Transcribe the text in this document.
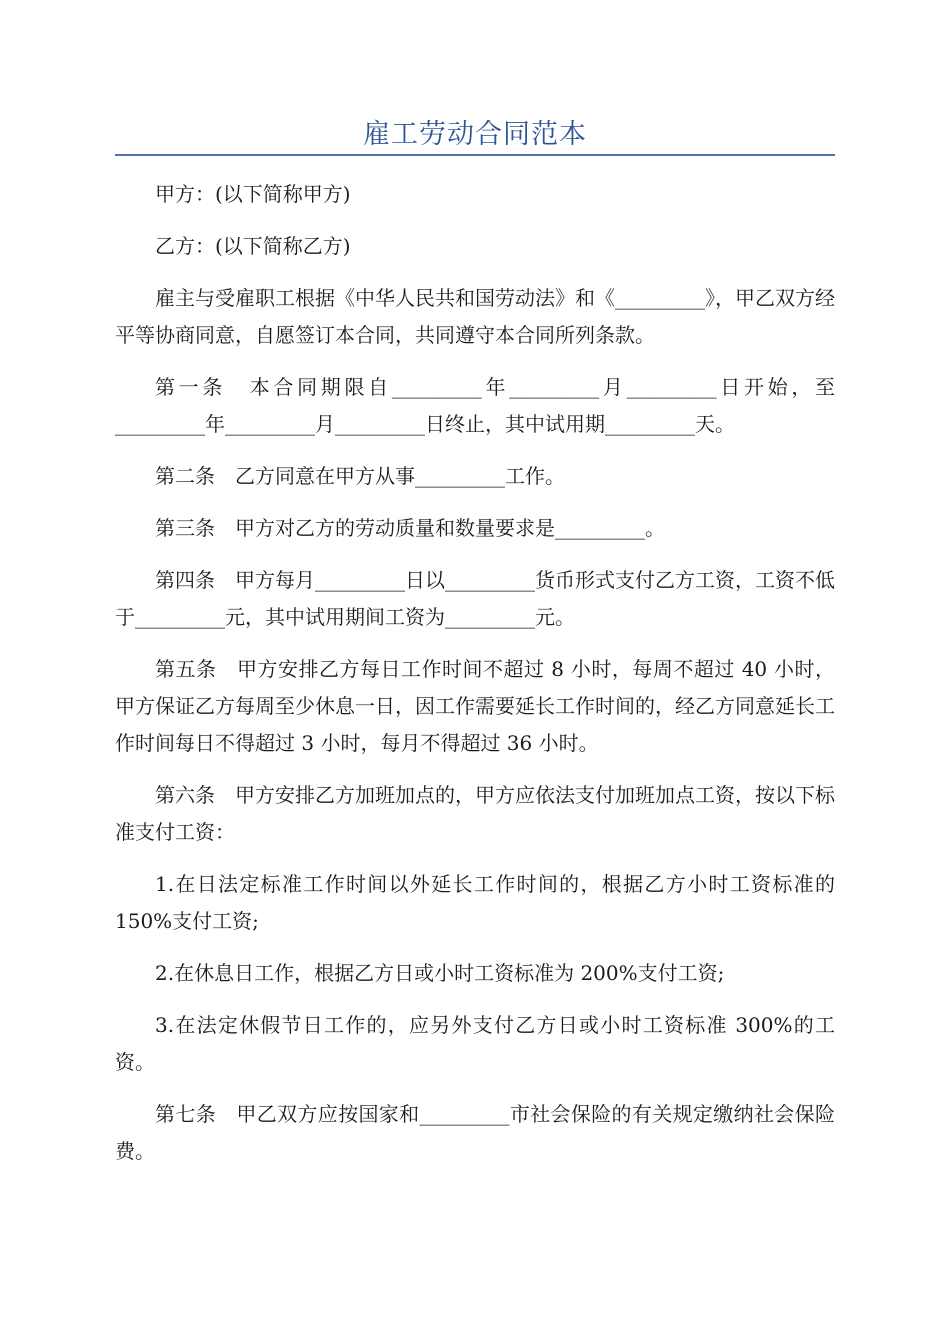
雇工劳动合同范本

甲方：(以下简称甲方)

乙方：(以下简称乙方)

雇主与受雇职工根据《中华人民共和国劳动法》和《_________》，甲乙双方经平等协商同意，自愿签订本合同，共同遵守本合同所列条款。

第一条　本合同期限自_________年_________月_________日开始，至_________年_________月_________日终止，其中试用期_________天。

第二条　乙方同意在甲方从事_________工作。

第三条　甲方对乙方的劳动质量和数量要求是_________。

第四条　甲方每月_________日以_________货币形式支付乙方工资，工资不低于_________元，其中试用期间工资为_________元。

第五条　甲方安排乙方每日工作时间不超过 8 小时，每周不超过 40 小时，甲方保证乙方每周至少休息一日，因工作需要延长工作时间的，经乙方同意延长工作时间每日不得超过 3 小时，每月不得超过 36 小时。

第六条　甲方安排乙方加班加点的，甲方应依法支付加班加点工资，按以下标准支付工资：

1.在日法定标准工作时间以外延长工作时间的，根据乙方小时工资标准的 150%支付工资;

2.在休息日工作，根据乙方日或小时工资标准为 200%支付工资;

3.在法定休假节日工作的，应另外支付乙方日或小时工资标准 300%的工资。

第七条　甲乙双方应按国家和_________市社会保险的有关规定缴纳社会保险费。
